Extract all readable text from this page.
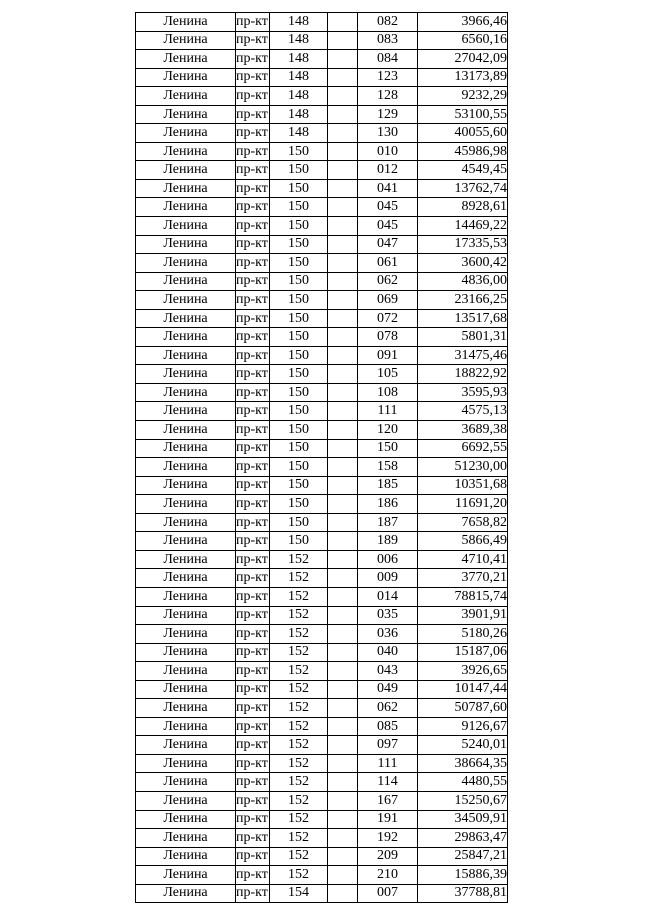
Ленина	пр-кт	148		082	3966,46
Ленина	пр-кт	148		083	6560,16
Ленина	пр-кт	148		084	27042,09
Ленина	пр-кт	148		123	13173,89
Ленина	пр-кт	148		128	9232,29
Ленина	пр-кт	148		129	53100,55
Ленина	пр-кт	148		130	40055,60
Ленина	пр-кт	150		010	45986,98
Ленина	пр-кт	150		012	4549,45
Ленина	пр-кт	150		041	13762,74
Ленина	пр-кт	150		045	8928,61
Ленина	пр-кт	150		045	14469,22
Ленина	пр-кт	150		047	17335,53
Ленина	пр-кт	150		061	3600,42
Ленина	пр-кт	150		062	4836,00
Ленина	пр-кт	150		069	23166,25
Ленина	пр-кт	150		072	13517,68
Ленина	пр-кт	150		078	5801,31
Ленина	пр-кт	150		091	31475,46
Ленина	пр-кт	150		105	18822,92
Ленина	пр-кт	150		108	3595,93
Ленина	пр-кт	150		111	4575,13
Ленина	пр-кт	150		120	3689,38
Ленина	пр-кт	150		150	6692,55
Ленина	пр-кт	150		158	51230,00
Ленина	пр-кт	150		185	10351,68
Ленина	пр-кт	150		186	11691,20
Ленина	пр-кт	150		187	7658,82
Ленина	пр-кт	150		189	5866,49
Ленина	пр-кт	152		006	4710,41
Ленина	пр-кт	152		009	3770,21
Ленина	пр-кт	152		014	78815,74
Ленина	пр-кт	152		035	3901,91
Ленина	пр-кт	152		036	5180,26
Ленина	пр-кт	152		040	15187,06
Ленина	пр-кт	152		043	3926,65
Ленина	пр-кт	152		049	10147,44
Ленина	пр-кт	152		062	50787,60
Ленина	пр-кт	152		085	9126,67
Ленина	пр-кт	152		097	5240,01
Ленина	пр-кт	152		111	38664,35
Ленина	пр-кт	152		114	4480,55
Ленина	пр-кт	152		167	15250,67
Ленина	пр-кт	152		191	34509,91
Ленина	пр-кт	152		192	29863,47
Ленина	пр-кт	152		209	25847,21
Ленина	пр-кт	152		210	15886,39
Ленина	пр-кт	154		007	37788,81
